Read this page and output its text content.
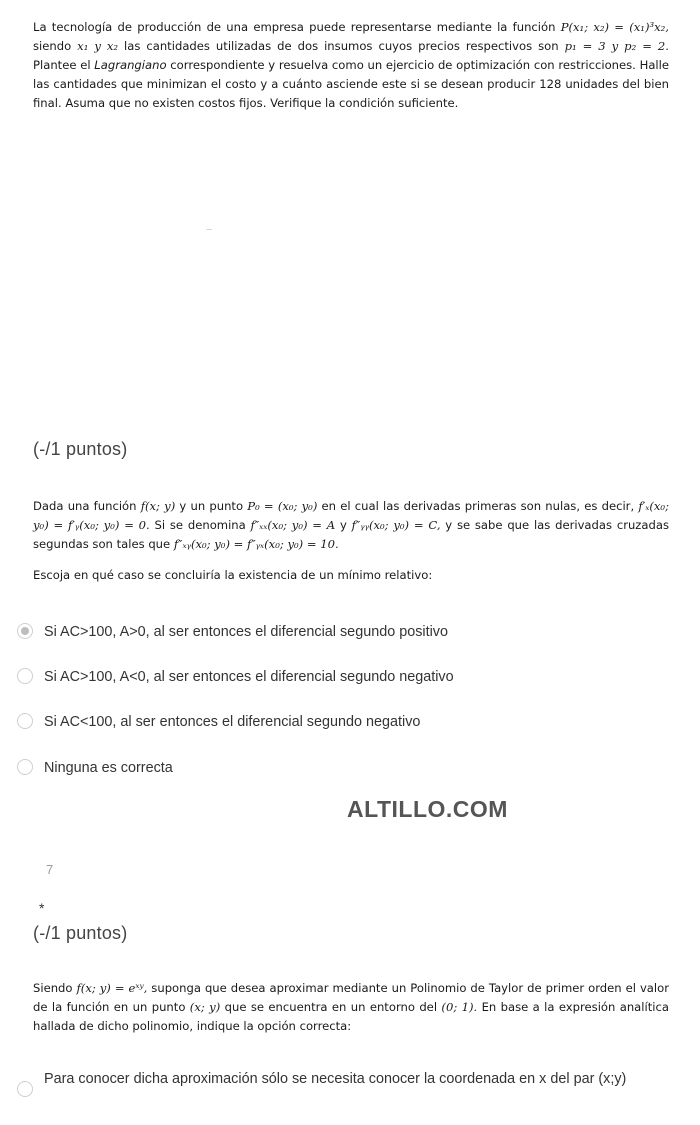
La tecnología de producción de una empresa puede representarse mediante la función P(x₁; x₂) = (x₁)³x₂, siendo x₁ y x₂ las cantidades utilizadas de dos insumos cuyos precios respectivos son p₁ = 3 y p₂ = 2. Plantee el Lagrangiano correspondiente y resuelva como un ejercicio de optimización con restricciones. Halle las cantidades que minimizan el costo y a cuánto asciende este si se desean producir 128 unidades del bien final. Asuma que no existen costos fijos. Verifique la condición suficiente.
(-/1 puntos)
Dada una función f(x; y) y un punto P₀ = (x₀; y₀) en el cual las derivadas primeras son nulas, es decir, f′ₓ(x₀; y₀) = f′ᵧ(x₀; y₀) = 0. Si se denomina f″ₓₓ(x₀; y₀) = A y f″ᵧᵧ(x₀; y₀) = C, y se sabe que las derivadas cruzadas segundas son tales que f″ₓᵧ(x₀; y₀) = f″ᵧₓ(x₀; y₀) = 10.
Escoja en qué caso se concluiría la existencia de un mínimo relativo:
Si AC>100, A>0, al ser entonces el diferencial segundo positivo
Si AC>100, A<0, al ser entonces el diferencial segundo negativo
Si AC<100, al ser entonces el diferencial segundo negativo
Ninguna es correcta
ALTILLO.COM
7
*
(-/1 puntos)
Siendo f(x; y) = eˣʸ, suponga que desea aproximar mediante un Polinomio de Taylor de primer orden el valor de la función en un punto (x; y) que se encuentra en un entorno del (0; 1). En base a la expresión analítica hallada de dicho polinomio, indique la opción correcta:
Para conocer dicha aproximación sólo se necesita conocer la coordenada en x del par (x;y)
